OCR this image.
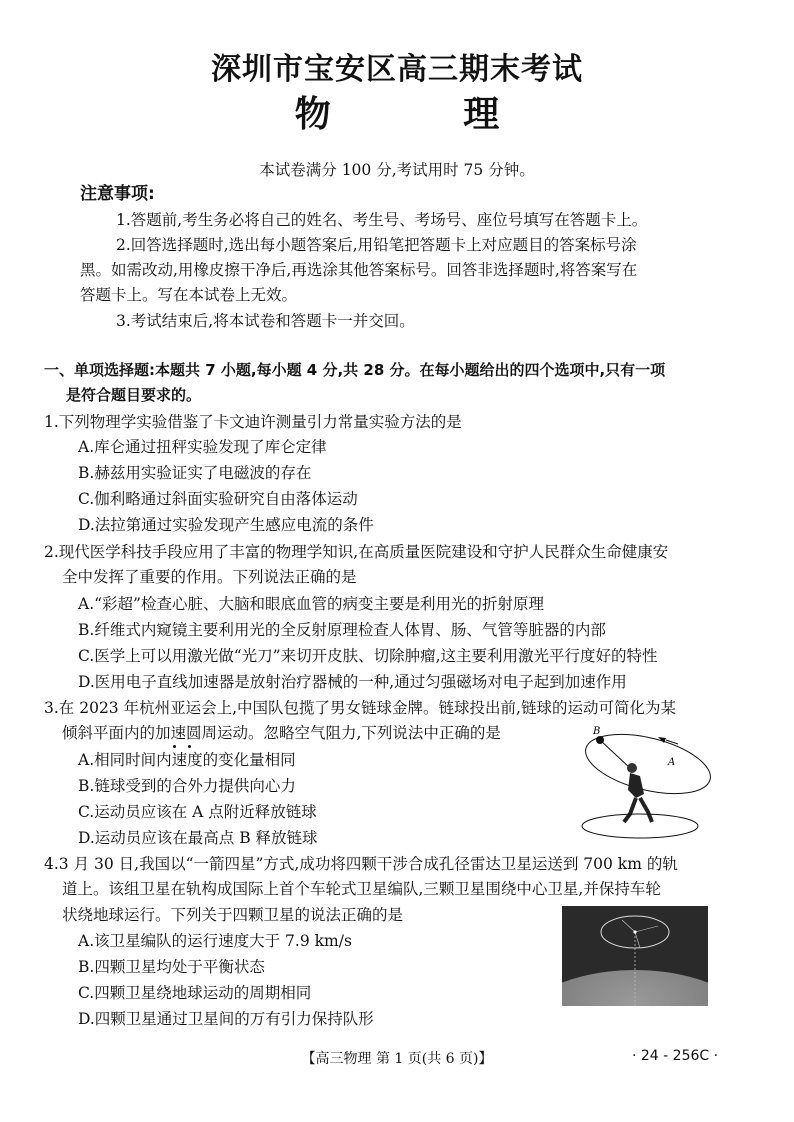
深圳市宝安区高三期末考试
物 理
本试卷满分 100 分,考试用时 75 分钟。
注意事项:
1.答题前,考生务必将自己的姓名、考生号、考场号、座位号填写在答题卡上。
2.回答选择题时,选出每小题答案后,用铅笔把答题卡上对应题目的答案标号涂
黑。如需改动,用橡皮擦干净后,再选涂其他答案标号。回答非选择题时,将答案写在
答题卡上。写在本试卷上无效。
3.考试结束后,将本试卷和答题卡一并交回。
一、单项选择题:本题共 7 小题,每小题 4 分,共 28 分。在每小题给出的四个选项中,只有一项
是符合题目要求的。
1.下列物理学实验借鉴了卡文迪许测量引力常量实验方法的是
A.库仑通过扭秤实验发现了库仑定律
B.赫兹用实验证实了电磁波的存在
C.伽利略通过斜面实验研究自由落体运动
D.法拉第通过实验发现产生感应电流的条件
2.现代医学科技手段应用了丰富的物理学知识,在高质量医院建设和守护人民群众生命健康安
全中发挥了重要的作用。下列说法正确的是
A.“彩超”检查心脏、大脑和眼底血管的病变主要是利用光的折射原理
B.纤维式内窥镜主要利用光的全反射原理检查人体胃、肠、气管等脏器的内部
C.医学上可以用激光做“光刀”来切开皮肤、切除肿瘤,这主要利用激光平行度好的特性
D.医用电子直线加速器是放射治疗器械的一种,通过匀强磁场对电子起到加速作用
3.在 2023 年杭州亚运会上,中国队包揽了男女链球金牌。链球投出前,链球的运动可简化为某
倾斜平面内的加速圆周运动。忽略空气阻力,下列说法中正确的是
A.相同时间内速度的变化量相同
B.链球受到的合外力提供向心力
C.运动员应该在 A 点附近释放链球
D.运动员应该在最高点 B 释放链球
B
A
4.3 月 30 日,我国以“一箭四星”方式,成功将四颗干涉合成孔径雷达卫星运送到 700 km 的轨
道上。该组卫星在轨构成国际上首个车轮式卫星编队,三颗卫星围绕中心卫星,并保持车轮
状绕地球运行。下列关于四颗卫星的说法正确的是
A.该卫星编队的运行速度大于 7.9 km/s
B.四颗卫星均处于平衡状态
C.四颗卫星绕地球运动的周期相同
D.四颗卫星通过卫星间的万有引力保持队形
【高三物理 第 1 页(共 6 页)】	· 24 - 256C ·
